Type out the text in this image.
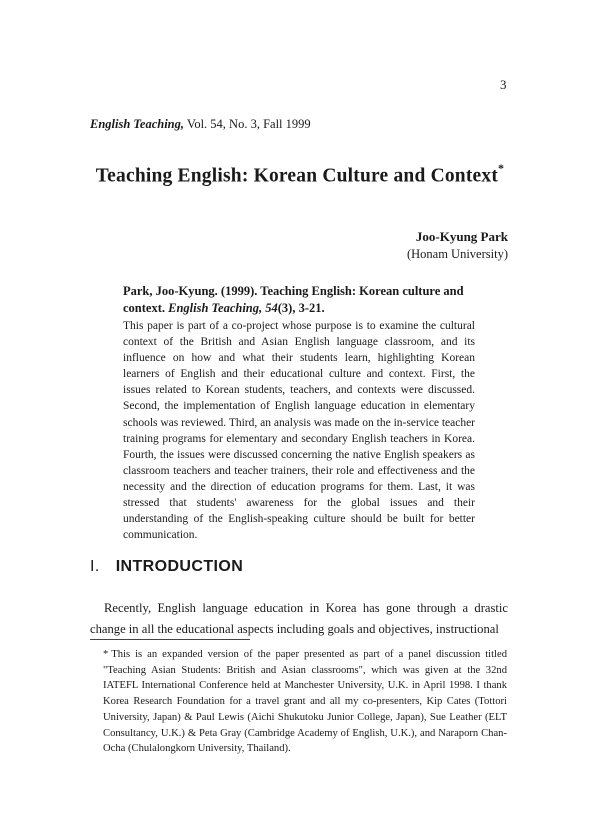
3
English Teaching, Vol. 54, No. 3, Fall 1999
Teaching English: Korean Culture and Context*
Joo-Kyung Park
(Honam University)
Park, Joo-Kyung. (1999). Teaching English: Korean culture and context. English Teaching, 54(3), 3-21.
This paper is part of a co-project whose purpose is to examine the cultural context of the British and Asian English language classroom, and its influence on how and what their students learn, highlighting Korean learners of English and their educational culture and context. First, the issues related to Korean students, teachers, and contexts were discussed. Second, the implementation of English language education in elementary schools was reviewed. Third, an analysis was made on the in-service teacher training programs for elementary and secondary English teachers in Korea. Fourth, the issues were discussed concerning the native English speakers as classroom teachers and teacher trainers, their role and effectiveness and the necessity and the direction of education programs for them. Last, it was stressed that students' awareness for the global issues and their understanding of the English-speaking culture should be built for better communication.
I. INTRODUCTION
Recently, English language education in Korea has gone through a drastic change in all the educational aspects including goals and objectives, instructional
* This is an expanded version of the paper presented as part of a panel discussion titled "Teaching Asian Students: British and Asian classrooms", which was given at the 32nd IATEFL International Conference held at Manchester University, U.K. in April 1998. I thank Korea Research Foundation for a travel grant and all my co-presenters, Kip Cates (Tottori University, Japan) & Paul Lewis (Aichi Shukutoku Junior College, Japan), Sue Leather (ELT Consultancy, U.K.) & Peta Gray (Cambridge Academy of English, U.K.), and Naraporn Chan-Ocha (Chulalongkorn University, Thailand).
